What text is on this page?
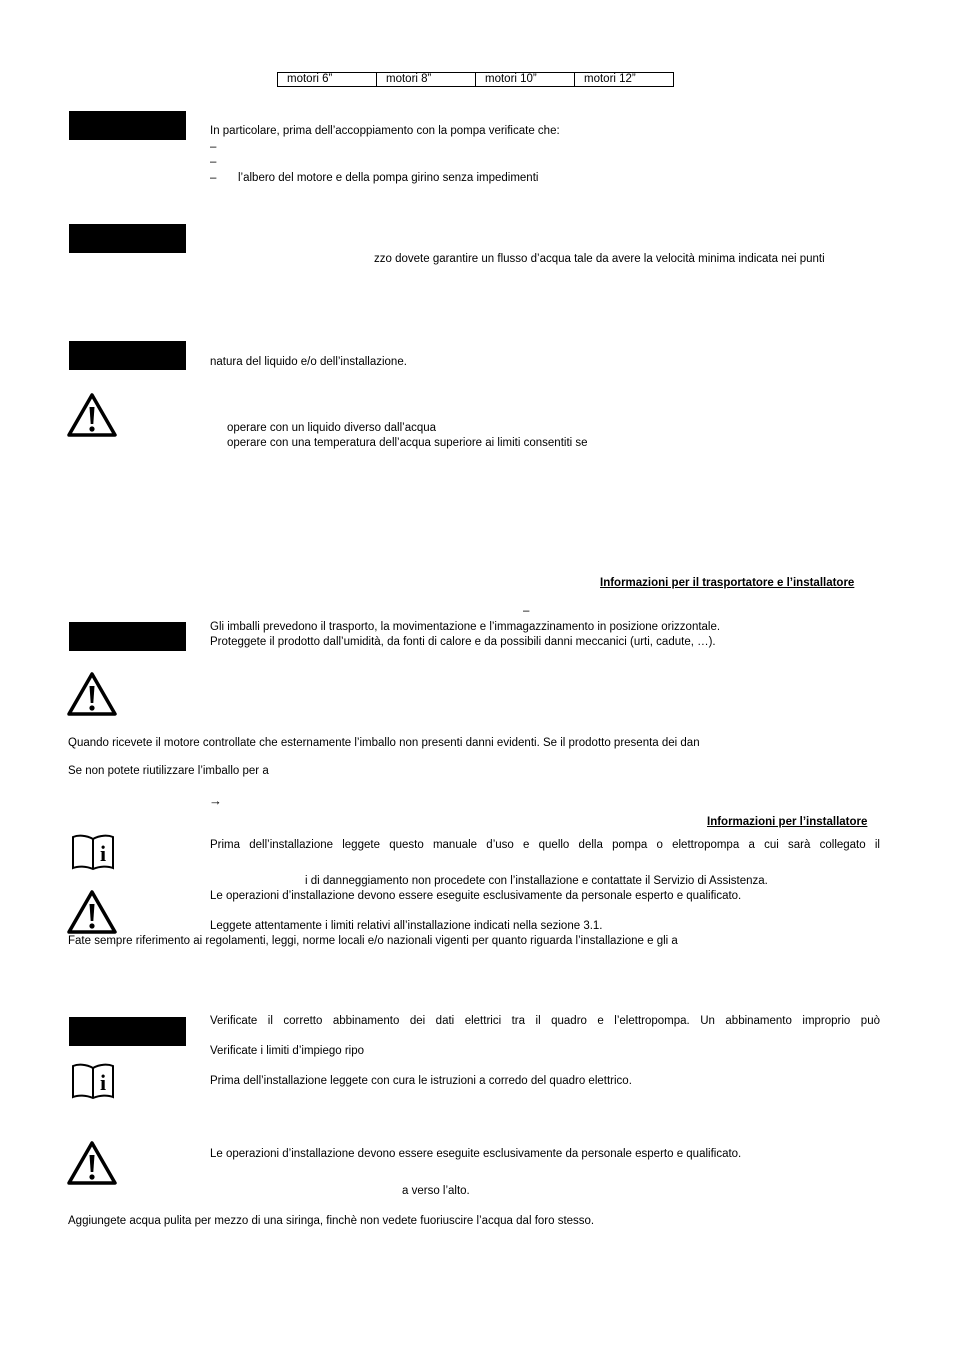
motori 6”	motori 8”	motori 10”	motori 12”
In particolare, prima dell’accoppiamento con la pompa verificate che:
–
–
– l’albero del motore e della pompa girino senza impedimenti
zzo dovete garantire un flusso d’acqua tale da avere la velocità minima indicata nei punti
natura del liquido e/o dell’installazione.
operare con un liquido diverso dall’acqua
operare con una temperatura dell’acqua superiore ai limiti consentiti se
Informazioni per il trasportatore e l’installatore
–
Gli imballi prevedono il trasporto, la movimentazione e l’immagazzinamento in posizione orizzontale.
Proteggete il prodotto dall’umidità, da fonti di calore e da possibili danni meccanici (urti, cadute, …).
Quando ricevete il motore controllate che esternamente l’imballo non presenti danni evidenti. Se il prodotto presenta dei dan
Se non potete riutilizzare l’imballo per a
→
Informazioni per l’installatore
i	Prima dell’installazione leggete questo manuale d’uso e quello della pompa o elettropompa a cui sarà collegato il
i di danneggiamento non procedete con l’installazione e contattate il Servizio di Assistenza.
Le operazioni d’installazione devono essere eseguite esclusivamente da personale esperto e qualificato.
Leggete attentamente i limiti relativi all’installazione indicati nella sezione 3.1.
Fate sempre riferimento ai regolamenti, leggi, norme locali e/o nazionali vigenti per quanto riguarda l’installazione e gli a
Verificate il corretto abbinamento dei dati elettrici tra il quadro e l’elettropompa. Un abbinamento improprio può
Verificate i limiti d’impiego ripo
i	Prima dell’installazione leggete con cura le istruzioni a corredo del quadro elettrico.
Le operazioni d’installazione devono essere eseguite esclusivamente da personale esperto e qualificato.
a verso l’alto.
Aggiungete acqua pulita per mezzo di una siringa, finchè non vedete fuoriuscire l’acqua dal foro stesso.
